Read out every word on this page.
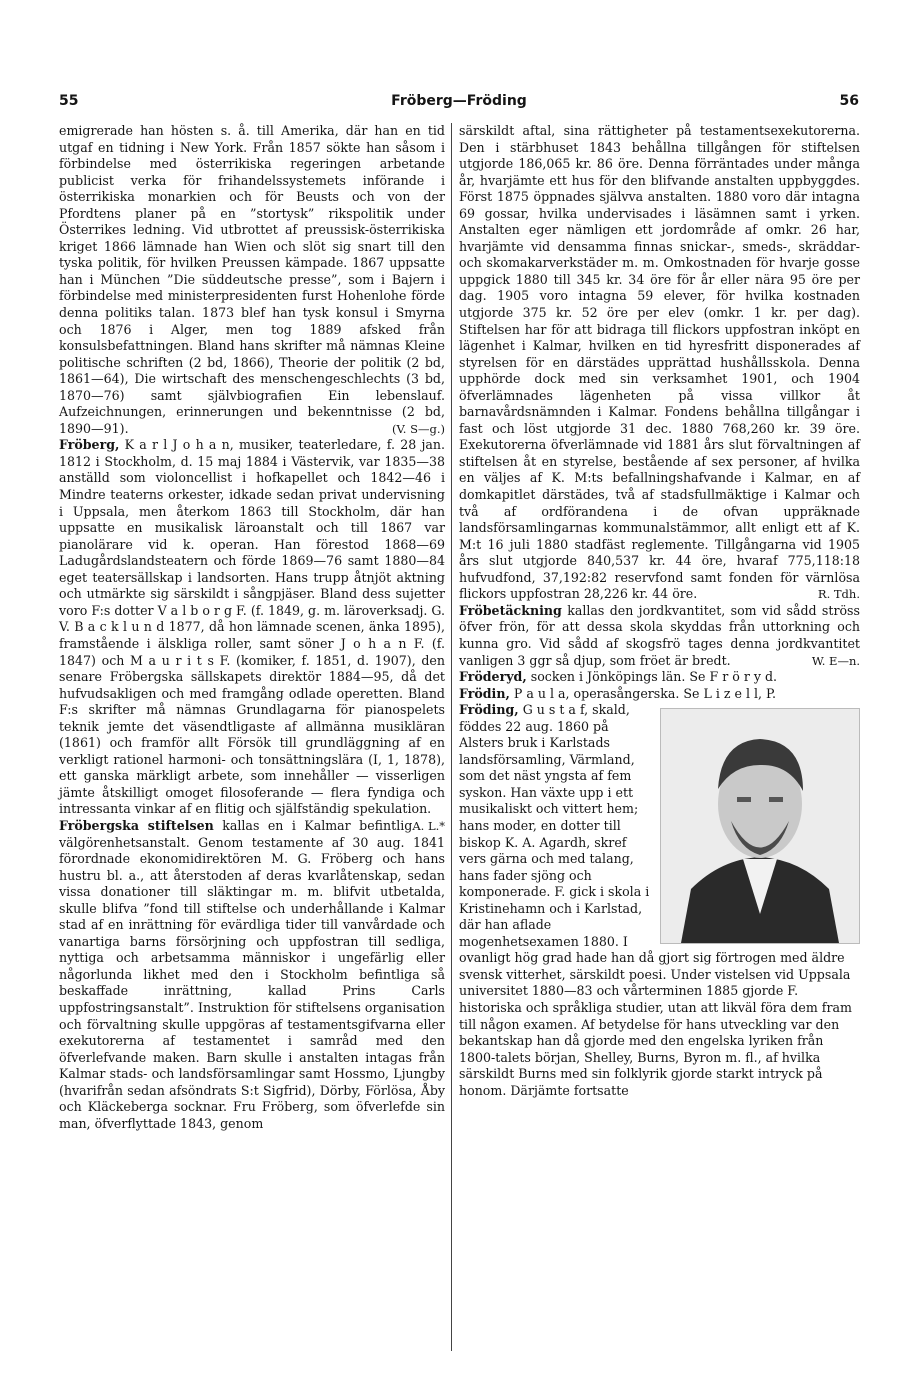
55	Fröberg—Fröding	56

emigrerade han hösten s. å. till Amerika, där han en tid utgaf en tidning i New York. Från 1857 sökte han såsom i förbindelse med österrikiska regeringen arbetande publicist verka för frihandelssystemets införande i österrikiska monarkien och för Beusts och von der Pfordtens planer på en ”stortysk” rikspolitik under Österrikes ledning. Vid utbrottet af preussisk-österrikiska kriget 1866 lämnade han Wien och slöt sig snart till den tyska politik, för hvilken Preussen kämpade. 1867 uppsatte han i München ”Die süddeutsche presse”, som i Bajern i förbindelse med ministerpresidenten furst Hohenlohe förde denna politiks talan. 1873 blef han tysk konsul i Smyrna och 1876 i Alger, men tog 1889 afsked från konsulsbefattningen. Bland hans skrifter må nämnas Kleine politische schriften (2 bd, 1866), Theorie der politik (2 bd, 1861—64), Die wirtschaft des menschengeschlechts (3 bd, 1870—76) samt självbiografien Ein lebenslauf. Aufzeichnungen, erinnerungen und bekenntnisse (2 bd, 1890—91).	(V. S—g.)

Fröberg, K a r l J o h a n, musiker, teaterledare, f. 28 jan. 1812 i Stockholm, d. 15 maj 1884 i Västervik, var 1835—38 anställd som violoncellist i hofkapellet och 1842—46 i Mindre teaterns orkester, idkade sedan privat undervisning i Uppsala, men återkom 1863 till Stockholm, där han uppsatte en musikalisk läroanstalt och till 1867 var pianolärare vid k. operan. Han förestod 1868—69 Ladugårdslandsteatern och förde 1869—76 samt 1880—84 eget teatersällskap i landsorten. Hans trupp åtnjöt aktning och utmärkte sig särskildt i sångpjäser. Bland dess sujetter voro F:s dotter V a l b o r g F. (f. 1849, g. m. läroverksadj. G. V. B a c k l u n d 1877, då hon lämnade scenen, änka 1895), framstående i älskliga roller, samt söner J o h a n F. (f. 1847) och M a u r i t s F. (komiker, f. 1851, d. 1907), den senare Fröbergska sällskapets direktör 1884—95, då det hufvudsakligen och med framgång odlade operetten. Bland F:s skrifter må nämnas Grundlagarna för pianospelets teknik jemte det väsendtligaste af allmänna musikläran (1861) och framför allt Försök till grundläggning af en verkligt rationel harmoni- och tonsättningslära (I, 1, 1878), ett ganska märkligt arbete, som innehåller — visserligen jämte åtskilligt omoget filosoferande — flera fyndiga och intressanta vinkar af en flitig och själfständig spekulation.
A. L.*

Fröbergska stiftelsen kallas en i Kalmar befintlig välgörenhetsanstalt. Genom testamente af 30 aug. 1841 förordnade ekonomidirektören M. G. Fröberg och hans hustru bl. a., att återstoden af deras kvarlåtenskap, sedan vissa donationer till släktingar m. m. blifvit utbetalda, skulle blifva ”fond till stiftelse och underhållande i Kalmar stad af en inrättning för evärdliga tider till vanvårdade och vanartiga barns försörjning och uppfostran till sedliga, nyttiga och arbetsamma människor i ungefärlig eller någorlunda likhet med den i Stockholm befintliga så beskaffade inrättning, kallad Prins Carls uppfostringsanstalt”. Instruktion för stiftelsens organisation och förvaltning skulle uppgöras af testamentsgifvarna eller exekutorerna af testamentet i samråd med den öfverlefvande maken. Barn skulle i anstalten intagas från Kalmar stads- och landsförsamlingar samt Hossmo, Ljungby (hvarifrån sedan afsöndrats S:t Sigfrid), Dörby, Förlösa, Åby och Kläckeberga socknar. Fru Fröberg, som öfverlefde sin man, öfverflyttade 1843, genom

särskildt aftal, sina rättigheter på testamentsexekutorerna. Den i stärbhuset 1843 behållna tillgången för stiftelsen utgjorde 186,065 kr. 86 öre. Denna förräntades under många år, hvarjämte ett hus för den blifvande anstalten uppbyggdes. Först 1875 öppnades självva anstalten. 1880 voro där intagna 69 gossar, hvilka undervisades i läsämnen samt i yrken. Anstalten eger nämligen ett jordområde af omkr. 26 har, hvarjämte vid densamma finnas snickar-, smeds-, skräddar- och skomakarverkstäder m. m. Omkostnaden för hvarje gosse uppgick 1880 till 345 kr. 34 öre för år eller nära 95 öre per dag. 1905 voro intagna 59 elever, för hvilka kostnaden utgjorde 375 kr. 52 öre per elev (omkr. 1 kr. per dag). Stiftelsen har för att bidraga till flickors uppfostran inköpt en lägenhet i Kalmar, hvilken en tid hyresfritt disponerades af styrelsen för en därstädes upprättad hushållsskola. Denna upphörde dock med sin verksamhet 1901, och 1904 öfverlämnades lägenheten på vissa villkor åt barnavårdsnämnden i Kalmar. Fondens behållna tillgångar i fast och löst utgjorde 31 dec. 1880 768,260 kr. 39 öre. Exekutorerna öfverlämnade vid 1881 års slut förvaltningen af stiftelsen åt en styrelse, bestående af sex personer, af hvilka en väljes af K. M:ts befallningshafvande i Kalmar, en af domkapitlet därstädes, två af stadsfullmäktige i Kalmar och två af ordförandena i de ofvan uppräknade landsförsamlingarnas kommunalstämmor, allt enligt ett af K. M:t 16 juli 1880 stadfäst reglemente. Tillgångarna vid 1905 års slut utgjorde 840,537 kr. 44 öre, hvaraf 775,118:18 hufvudfond, 37,192:82 reservfond samt fonden för värnlösa flickors uppfostran 28,226 kr. 44 öre.	R. Tdh.

Fröbetäckning kallas den jordkvantitet, som vid sådd ströss öfver frön, för att dessa skola skyddas från uttorkning och kunna gro. Vid sådd af skogsfrö tages denna jordkvantitet vanligen 3 ggr så djup, som fröet är bredt.	W. E—n.

Fröderyd, socken i Jönköpings län. Se F r ö r y d.

Frödin, P a u l a, operasångerska. Se L i z e l l, P.

Fröding, G u s t a f, skald, föddes 22 aug. 1860 på Alsters bruk i Karlstads landsförsamling, Värmland, som det näst yngsta af fem syskon. Han växte upp i ett musikaliskt och vittert hem; hans moder, en dotter till biskop K. A. Agardh, skref vers gärna och med talang, hans fader sjöng och komponerade. F. gick i skola i Kristinehamn och i Karlstad, där han aflade mogenhetsexamen 1880. I ovanligt hög grad hade han då gjort sig förtrogen med äldre svensk vitterhet, särskildt poesi. Under vistelsen vid Uppsala universitet 1880—83 och vårterminen 1885 gjorde F. historiska och språkliga studier, utan att likväl föra dem fram till någon examen. Af betydelse för hans utveckling var den bekantskap han då gjorde med den engelska lyriken från 1800-talets början, Shelley, Burns, Byron m. fl., af hvilka särskildt Burns med sin folklyrik gjorde starkt intryck på honom. Därjämte fortsatte
